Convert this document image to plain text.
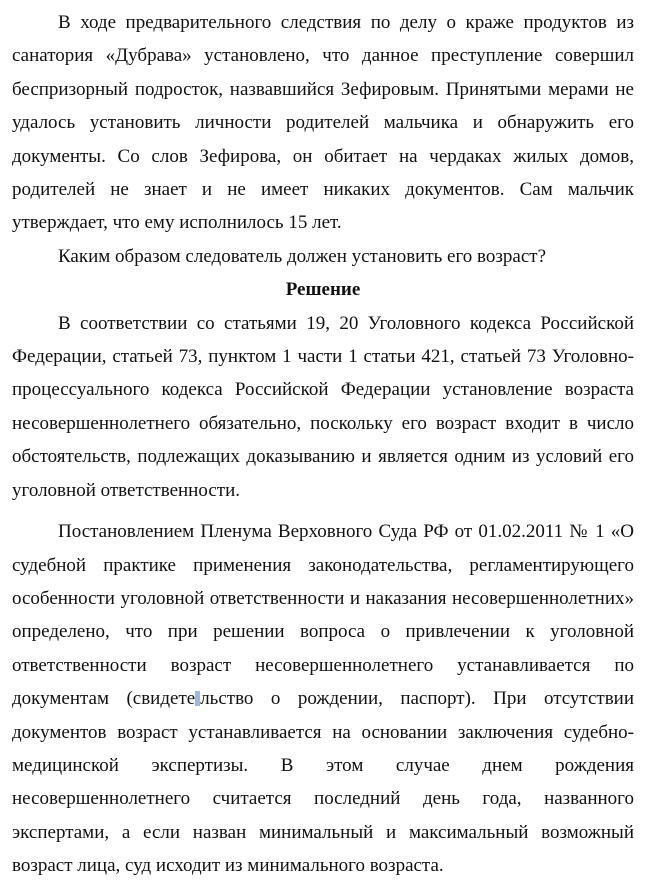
В ходе предварительного следствия по делу о краже продуктов из санатория «Дубрава» установлено, что данное преступление совершил беспризорный подросток, назвавшийся Зефировым. Принятыми мерами не удалось установить личности родителей мальчика и обнаружить его документы. Со слов Зефирова, он обитает на чердаках жилых домов, родителей не знает и не имеет никаких документов. Сам мальчик утверждает, что ему исполнилось 15 лет.

Каким образом следователь должен установить его возраст?

Решение

В соответствии со статьями 19, 20 Уголовного кодекса Российской Федерации, статьей 73, пунктом 1 части 1 статьи 421, статьей 73 Уголовно-процессуального кодекса Российской Федерации установление возраста несовершеннолетнего обязательно, поскольку его возраст входит в число обстоятельств, подлежащих доказыванию и является одним из условий его уголовной ответственности.

Постановлением Пленума Верховного Суда РФ от 01.02.2011 № 1 «О судебной практике применения законодательства, регламентирующего особенности уголовной ответственности и наказания несовершеннолетних» определено, что при решении вопроса о привлечении к уголовной ответственности возраст несовершеннолетнего устанавливается по документам (свидете льство о рождении, паспорт). При отсутствии документов возраст устанавливается на основании заключения судебно-медицинской экспертизы. В этом случае днем рождения несовершеннолетнего считается последний день года, названного экспертами, а если назван минимальный и максимальный возможный возраст лица, суд исходит из минимального возраста.
